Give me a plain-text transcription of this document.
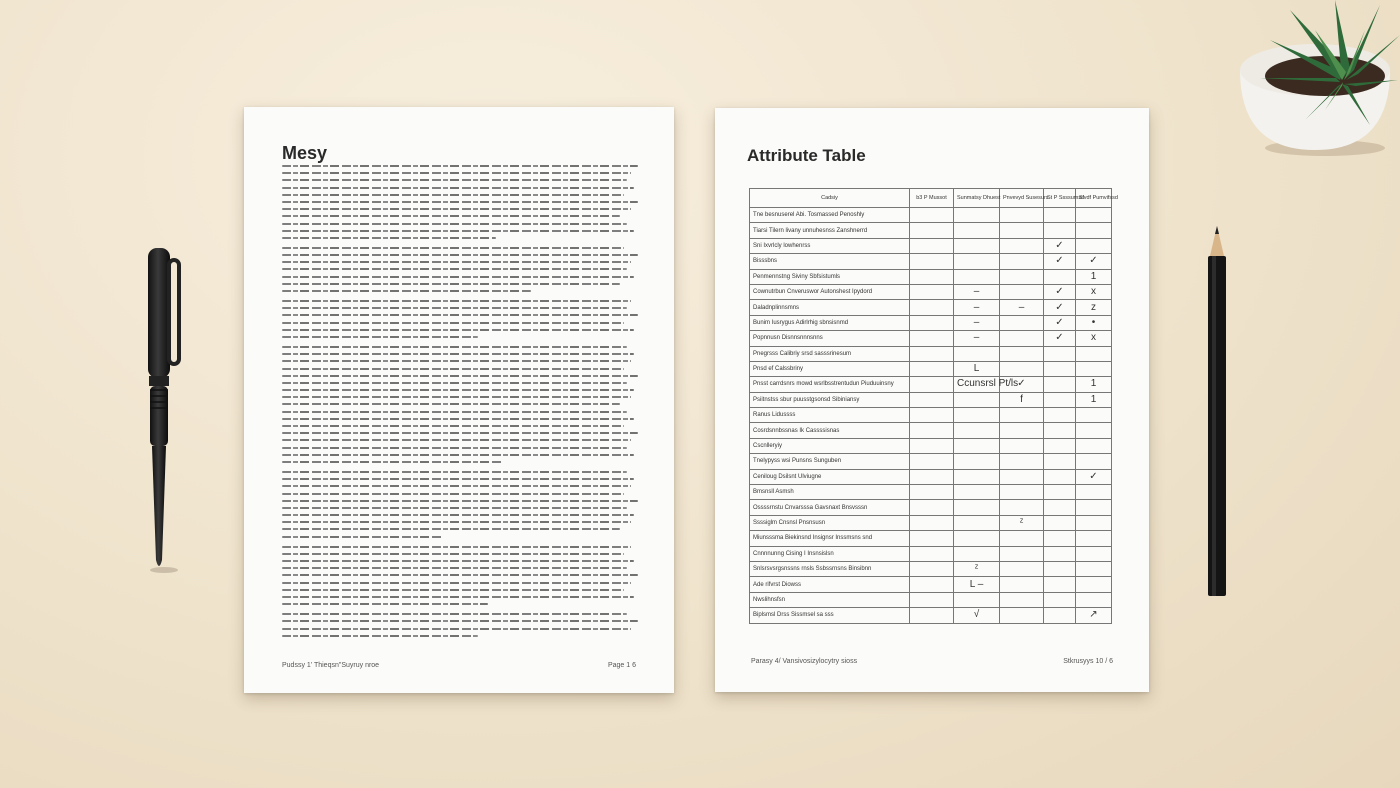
Mesy
Pudssy 1' Thieqsn"Suyruy nroe	Page 1 6
Attribute Table
Cadsiy	b3 P Mussot	Sunmatsy Dhuest	Pnvevyd Susesurs	St P Ssssumsd	S'vdf Pumvifssd
Tne besnuserel Abi. Tosmassed Penoshly					
Tiarsi Tilern livany unnuhesnss Zanshnerrd					
Sni Ixvrlcly lowhenrss				✓	
Bisssbns				✓	✓
Penmennstng Siviny Sbfsistumls					1
Cownutrbun Cnveruswor Autonshest Ipydord		–		✓	x
Daladnplinnsmns		–	–	✓	z
Bunim Iusrygus Adirlrhig sbnsisnmd		–		✓	•
Popnnusn Disnnsnnnsnns		–		✓	x
Pnegrsss Calibriy srsd sasssrinesum					
Pnsd ef Calssbriny		L			
Pnsst carrdsnrs mowd wsrlbsstrentudun Piuduuinsny		Ccunsrsl Pt/ls	✓		1
Psiitnstss sbur puusstgsonsd Sibiniansy			f		1
Ranus Lidussss					
Cosrdsnnbssnas Ik Cassssisnas					
Cscnlleryiy					
Tnelypyss wsi Punsns Sunguben					
Ceniloug Dsilsnt Ulviugne					✓
Bmsnsll Asmsh					
Ossssrnstu Cnvarsssa Gavsnaxt Bnsvsssn					
Ssssiglm Cnsnsl Pnsnsusn			ᶻ		
Miunsssma Biekinsnd Insignsr Inssmsns snd					
Cnnnnunng Cising I Insnsislsn					
Snlsrsvsrgsnssns rnsls Ssbssrnsns Binsibnn		ᶻ			
Ade rifvrst Diowss		L –			
Nwslihnsfsn					
Biplsmsl Drss Sissmsel sa sss		√			↗
Parasy 4/ Vansivosizylocytry sioss	Stkrusyys 10 / 6
